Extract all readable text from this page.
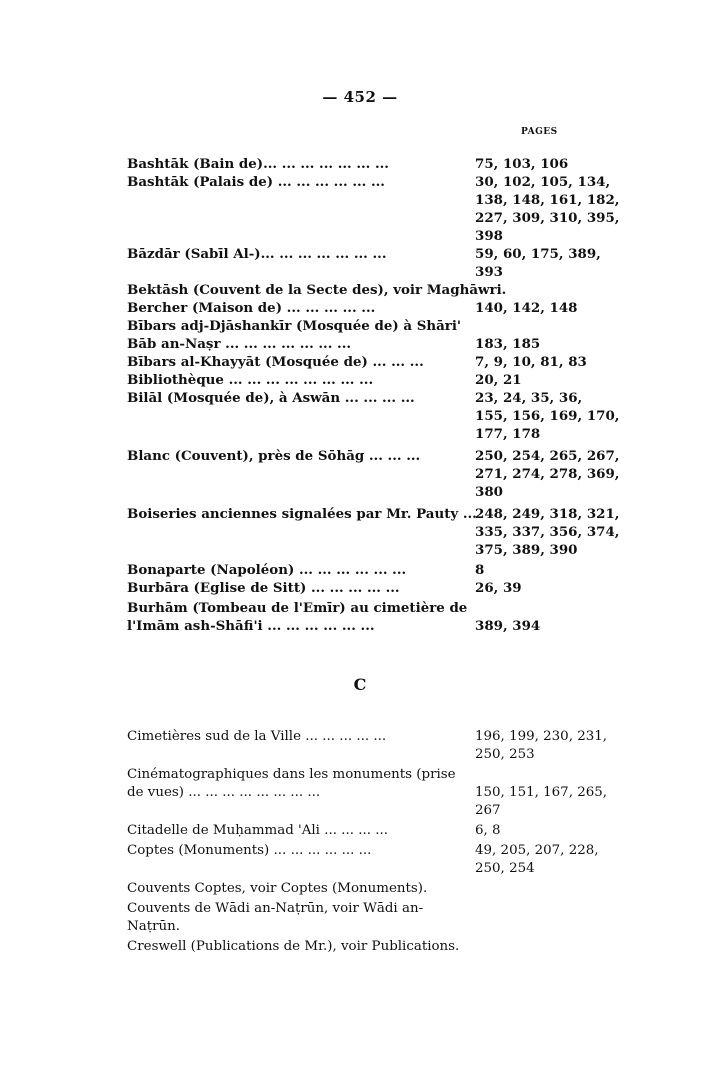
— 452 —
PAGES
Bashtāk (Bain de)... ... ... ... ... ... ...	75, 103, 106
Bashtāk (Palais de) ... ... ... ... ... ...	30, 102, 105, 134,
138, 148, 161, 182,
227, 309, 310, 395,
398
Bāzdār (Sabīl Al-)... ... ... ... ... ... ...	59, 60, 175, 389,
393
Bektāsh (Couvent de la Secte des), voir Maghāwri.
Bercher (Maison de) ... ... ... ... ...	140, 142, 148
Bībars adj-Djāshankīr (Mosquée de) à Shāri'
Bāb an-Naṣr ... ... ... ... ... ... ...	183, 185
Bībars al-Khayyāt (Mosquée de) ... ... ...	7, 9, 10, 81, 83
Bibliothèque ... ... ... ... ... ... ... ...	20, 21
Bilāl (Mosquée de), à Aswān ... ... ... ...	23, 24, 35, 36,
155, 156, 169, 170,
177, 178
Blanc (Couvent), près de Sōhāg ... ... ...	250, 254, 265, 267,
271, 274, 278, 369,
380
Boiseries anciennes signalées par Mr. Pauty ...
248, 249, 318, 321,
335, 337, 356, 374,
375, 389, 390
Bonaparte (Napoléon) ... ... ... ... ... ...	8
Burbāra (Eglise de Sitt) ... ... ... ... ...	26, 39
Burhām (Tombeau de l'Emīr) au cimetière de
l'Imām ash-Shāfi'i ... ... ... ... ... ...	389, 394
Cimetières sud de la Ville ... ... ... ... ...	196, 199, 230, 231,
250, 253
Cinématographiques dans les monuments (prise
de vues) ... ... ... ... ... ... ... ...	150, 151, 167, 265,
267
Citadelle de Muḥammad 'Ali ... ... ... ...	6, 8
Coptes (Monuments) ... ... ... ... ... ...	49, 205, 207, 228,
250, 254
Couvents Coptes, voir Coptes (Monuments).
Couvents de Wādi an-Naṭrūn, voir Wādi an-
Naṭrūn.
Creswell (Publications de Mr.), voir Publications.
C
